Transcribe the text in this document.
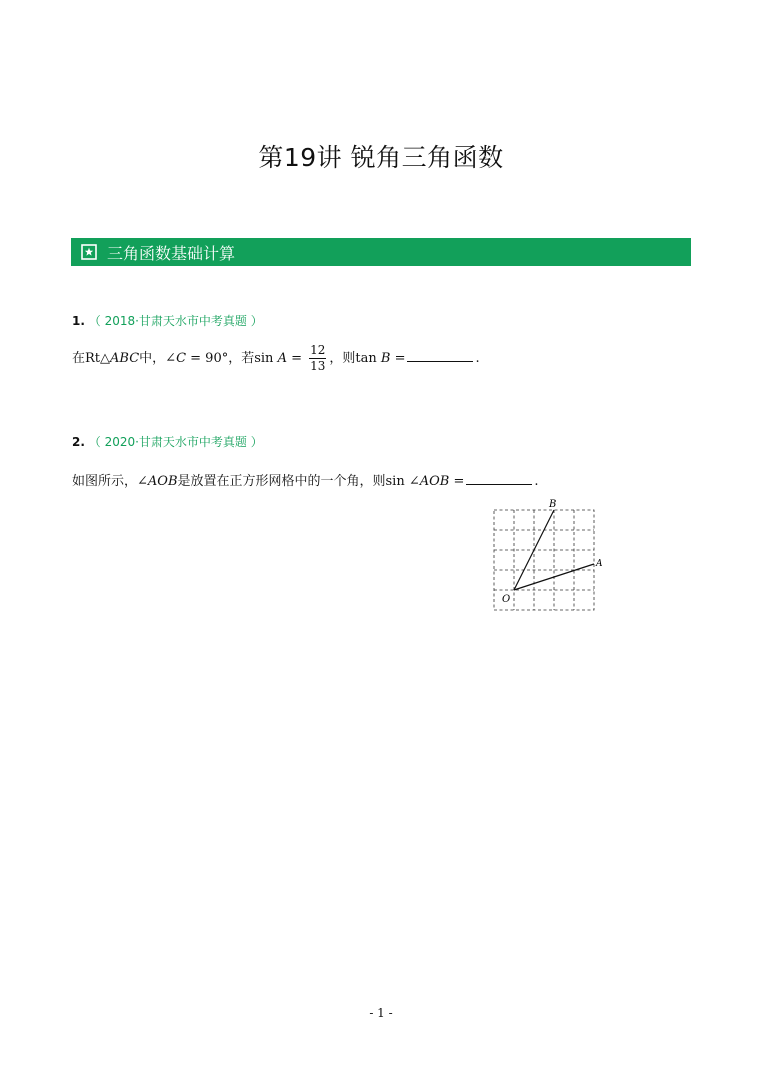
第19讲 锐角三角函数
三角函数基础计算
1. （ 2018·甘肃天水市中考真题 ）
在Rt△ABC中，∠C = 90°，若$\sin A = \frac{12}{13}$ ，则tan B =	.
2. （ 2020·甘肃天水市中考真题 ）
如图所示，∠AOB是放置在正方形网格中的一个角，则sin ∠AOB =	.
B
A
O
- 1 -
